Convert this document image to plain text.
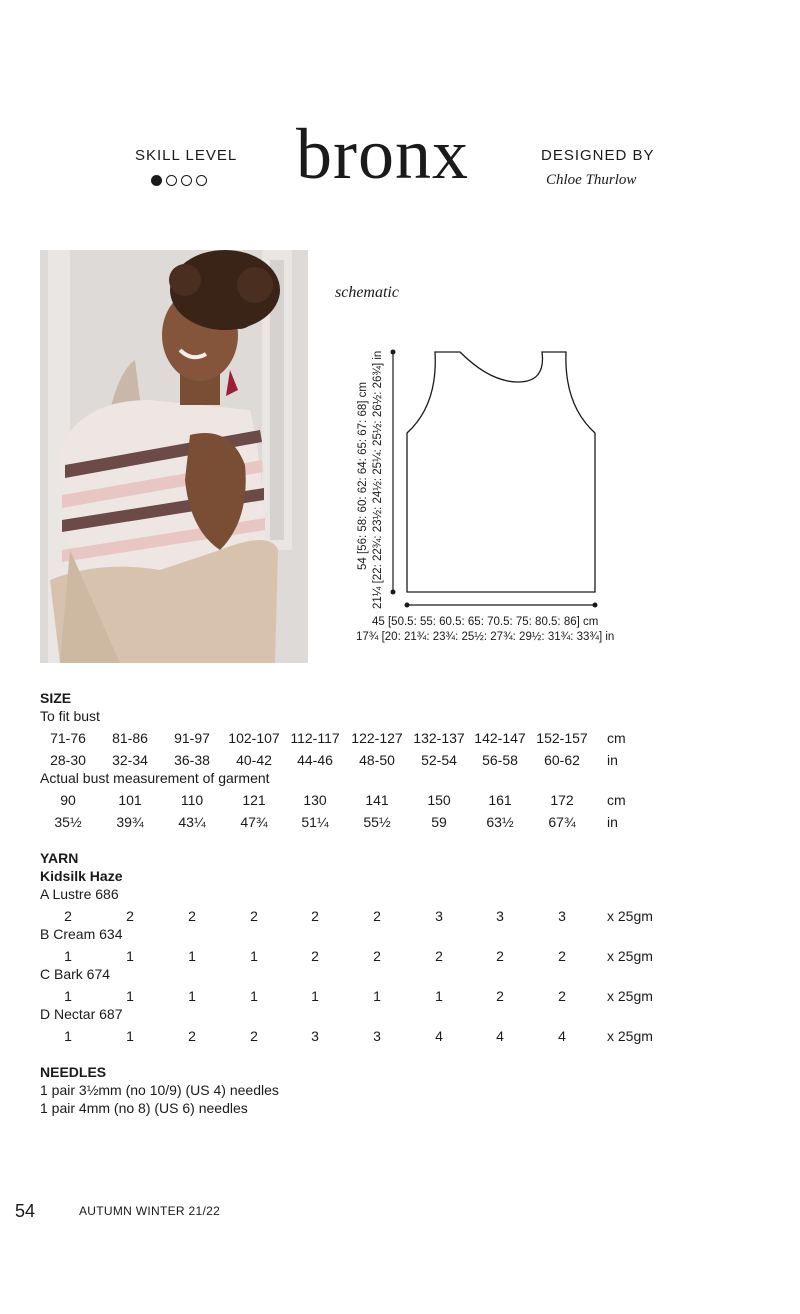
SKILL LEVEL bronx	DESIGNED BY
Chloe Thurlow
schematic
54 [56: 58: 60: 62: 64: 65: 67: 68] cm 21¼ [22: 22¾: 23½: 24½: 25¼: 25½: 26½: 26¾] in
45 [50.5: 55: 60.5: 65: 70.5: 75: 80.5: 86] cm
17¾ [20: 21¾: 23¾: 25½: 27¾: 29½: 31¾: 33¾] in
SIZE
To fit bust
71-76 81-86 91-97 102-107 112-117 122-127 132-137 142-147 152-157 cm
28-30 32-34 36-38 40-42 44-46 48-50 52-54 56-58 60-62 in
Actual bust measurement of garment
90	101	110	121	130	141	150	161	172 cm
35½ 39¾ 43¼ 47¾ 51¼ 55½	59	63½ 67¾ in
YARN
Kidsilk Haze
A Lustre 686
2	2	2	2	2	2	3	3	3	x 25gm
B Cream 634
1	1	1	1	2	2	2	2	2	x 25gm
C Bark 674
1	1	1	1	1	1	1	2	2	x 25gm
D Nectar 687
1	1	2	2	3	3	4	4	4	x 25gm
NEEDLES
1 pair 3½mm (no 10/9) (US 4) needles
1 pair 4mm (no 8) (US 6) needles
54	AUTUMN WINTER 21/22
